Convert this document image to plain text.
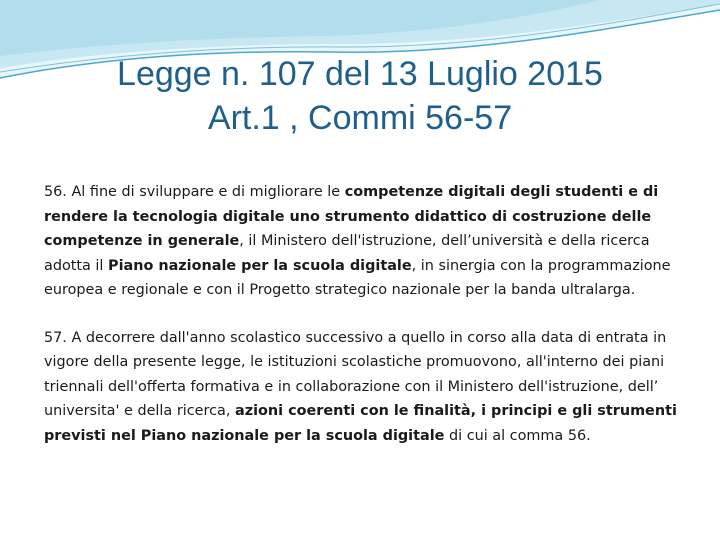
Legge n. 107 del 13 Luglio 2015
Art.1 , Commi 56-57

56. Al fine di sviluppare e di migliorare le competenze digitali degli studenti e di rendere la tecnologia digitale uno strumento didattico di costruzione delle competenze in generale, il Ministero dell'istruzione, dell’università e della ricerca adotta il Piano nazionale per la scuola digitale, in sinergia con la programmazione europea e regionale e con il Progetto strategico nazionale per la banda ultralarga.

57. A decorrere dall'anno scolastico successivo a quello in corso alla data di entrata in vigore della presente legge, le istituzioni scolastiche promuovono, all'interno dei piani triennali dell'offerta formativa e in collaborazione con il Ministero dell'istruzione, dell’ universita' e della ricerca, azioni coerenti con le finalità, i principi e gli strumenti previsti nel Piano nazionale per la scuola digitale di cui al comma 56.
